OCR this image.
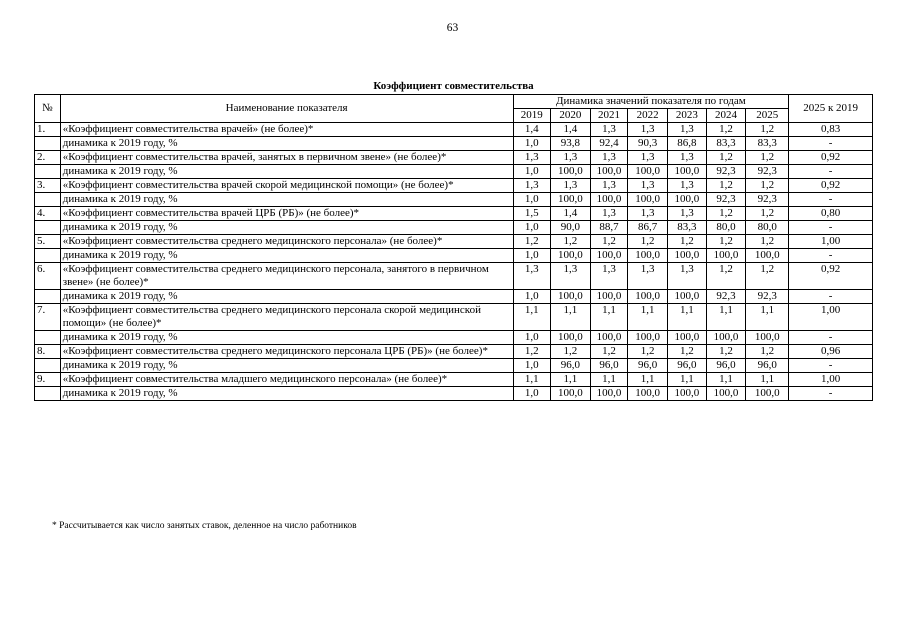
63
Коэффициент совместительства
№	Наименование показателя	Динамика значений показателя по годам							2025 к 2019
		2019	2020	2021	2022	2023	2024	2025	
1.	«Коэффициент совместительства врачей» (не более)*	1,4	1,4	1,3	1,3	1,3	1,2	1,2	0,83
	динамика к 2019 году, %	1,0	93,8	92,4	90,3	86,8	83,3	83,3	-
2.	«Коэффициент совместительства врачей, занятых в первичном звене» (не более)*	1,3	1,3	1,3	1,3	1,3	1,2	1,2	0,92
	динамика к 2019 году, %	1,0	100,0	100,0	100,0	100,0	92,3	92,3	-
3.	«Коэффициент совместительства врачей скорой медицинской помощи» (не более)*	1,3	1,3	1,3	1,3	1,3	1,2	1,2	0,92
	динамика к 2019 году, %	1,0	100,0	100,0	100,0	100,0	92,3	92,3	-
4.	«Коэффициент совместительства врачей ЦРБ (РБ)» (не более)*	1,5	1,4	1,3	1,3	1,3	1,2	1,2	0,80
	динамика к 2019 году, %	1,0	90,0	88,7	86,7	83,3	80,0	80,0	-
5.	«Коэффициент совместительства среднего медицинского персонала» (не более)*	1,2	1,2	1,2	1,2	1,2	1,2	1,2	1,00
	динамика к 2019 году, %	1,0	100,0	100,0	100,0	100,0	100,0	100,0	-
6.	«Коэффициент совместительства среднего медицинского персонала, занятого в первичном звене» (не более)*	1,3	1,3	1,3	1,3	1,3	1,2	1,2	0,92
	динамика к 2019 году, %	1,0	100,0	100,0	100,0	100,0	92,3	92,3	-
7.	«Коэффициент совместительства среднего медицинского персонала скорой медицинской помощи» (не более)*	1,1	1,1	1,1	1,1	1,1	1,1	1,1	1,00
	динамика к 2019 году, %	1,0	100,0	100,0	100,0	100,0	100,0	100,0	-
8.	«Коэффициент совместительства среднего медицинского персонала ЦРБ (РБ)» (не более)*	1,2	1,2	1,2	1,2	1,2	1,2	1,2	0,96
	динамика к 2019 году, %	1,0	96,0	96,0	96,0	96,0	96,0	96,0	-
9.	«Коэффициент совместительства младшего медицинского персонала» (не более)*	1,1	1,1	1,1	1,1	1,1	1,1	1,1	1,00
	динамика к 2019 году, %	1,0	100,0	100,0	100,0	100,0	100,0	100,0	-
* Рассчитывается как число занятых ставок, деленное на число работников
